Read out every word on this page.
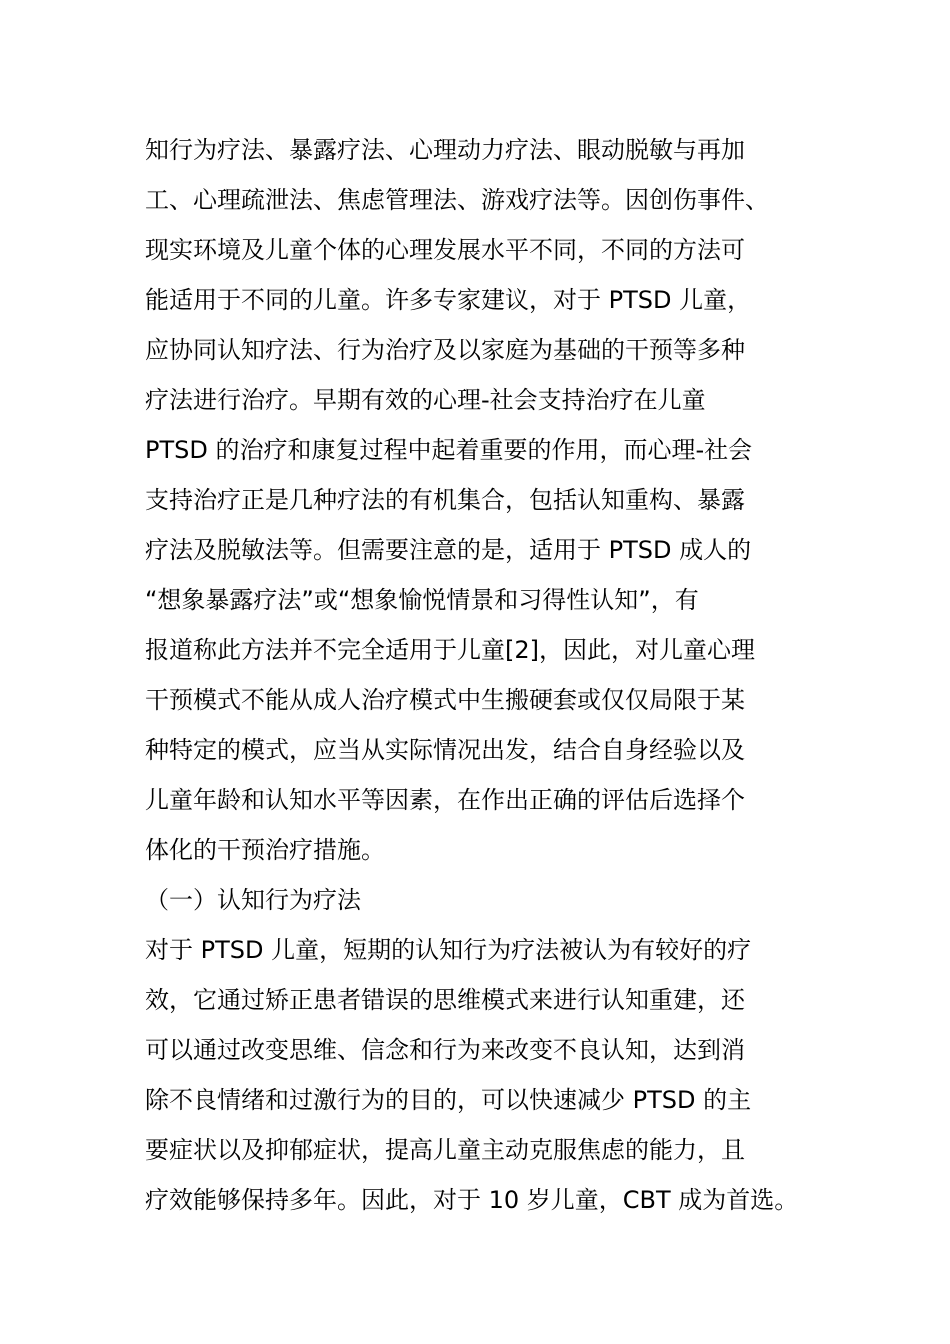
知行为疗法、暴露疗法、心理动力疗法、眼动脱敏与再加
工、心理疏泄法、焦虑管理法、游戏疗法等。因创伤事件、
现实环境及儿童个体的心理发展水平不同，不同的方法可
能适用于不同的儿童。许多专家建议，对于 PTSD 儿童，
应协同认知疗法、行为治疗及以家庭为基础的干预等多种
疗法进行治疗。早期有效的心理-社会支持治疗在儿童
PTSD 的治疗和康复过程中起着重要的作用，而心理-社会
支持治疗正是几种疗法的有机集合，包括认知重构、暴露
疗法及脱敏法等。但需要注意的是，适用于 PTSD 成人的
“想象暴露疗法”或“想象愉悦情景和习得性认知”，有
报道称此方法并不完全适用于儿童[2]，因此，对儿童心理
干预模式不能从成人治疗模式中生搬硬套或仅仅局限于某
种特定的模式，应当从实际情况出发，结合自身经验以及
儿童年龄和认知水平等因素，在作出正确的评估后选择个
体化的干预治疗措施。
（一）认知行为疗法
对于 PTSD 儿童，短期的认知行为疗法被认为有较好的疗
效，它通过矫正患者错误的思维模式来进行认知重建，还
可以通过改变思维、信念和行为来改变不良认知，达到消
除不良情绪和过激行为的目的，可以快速减少 PTSD 的主
要症状以及抑郁症状，提高儿童主动克服焦虑的能力，且
疗效能够保持多年。因此，对于 10 岁儿童，CBT 成为首选。
